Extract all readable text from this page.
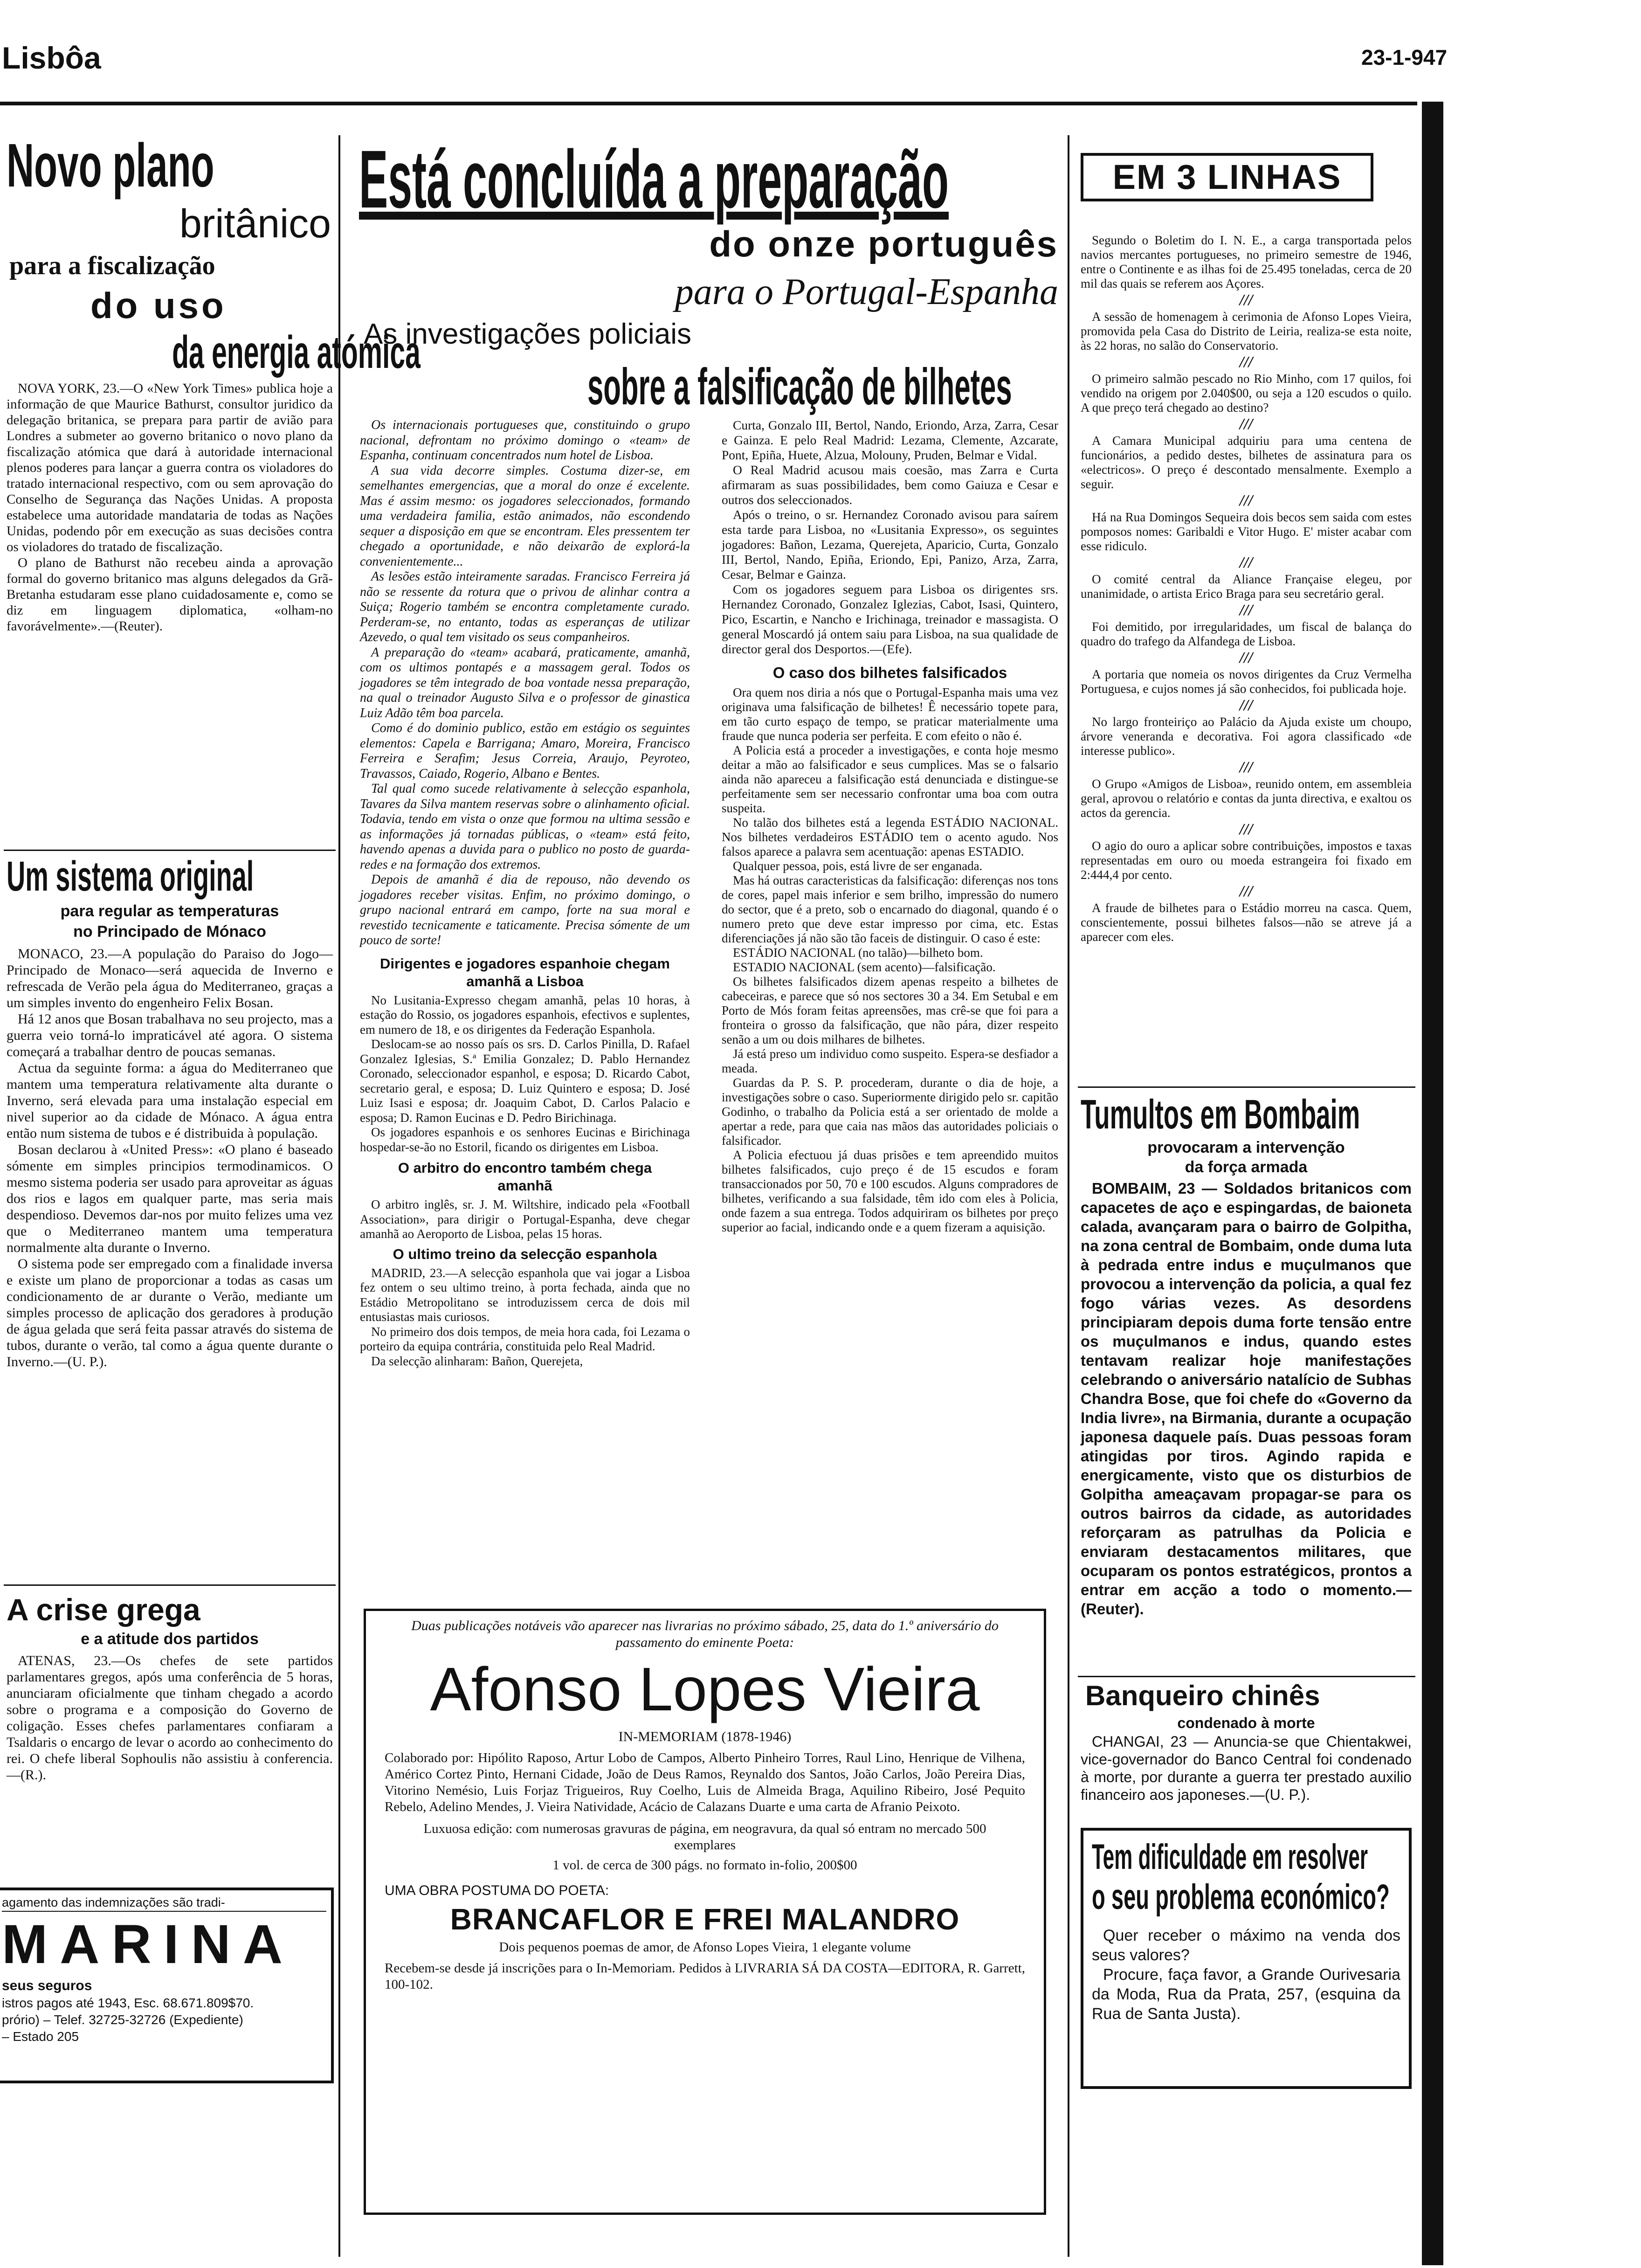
Lisbôa	23-1-947
Novo plano
britânico
para a fiscalização
do uso
da energia atómica

NOVA YORK, 23.—O «New York Times» publica hoje a informação de que Maurice Bathurst, consultor juridico da delegação britanica, se prepara para partir de avião para Londres a submeter ao governo britanico o novo plano da fiscalização atómica que dará à autoridade internacional plenos poderes para lançar a guerra contra os violadores do tratado internacional respectivo, com ou sem aprovação do Conselho de Segurança das Nações Unidas. A proposta estabelece uma autoridade mandataria de todas as Nações Unidas, podendo pôr em execução as suas decisões contra os violadores do tratado de fiscalização.

O plano de Bathurst não recebeu ainda a aprovação formal do governo britanico mas alguns delegados da Grã-Bretanha estudaram esse plano cuidadosamente e, como se diz em linguagem diplomatica, «olham-no favorávelmente».—(Reuter).

Um sistema original
para regular as temperaturas
no Principado de Mónaco

MONACO, 23.—A população do Paraiso do Jogo—Principado de Monaco—será aquecida de Inverno e refrescada de Verão pela água do Mediterraneo, graças a um simples invento do engenheiro Felix Bosan.

Há 12 anos que Bosan trabalhava no seu projecto, mas a guerra veio torná-lo impraticável até agora. O sistema começará a trabalhar dentro de poucas semanas.

Actua da seguinte forma: a água do Mediterraneo que mantem uma temperatura relativamente alta durante o Inverno, será elevada para uma instalação especial em nivel superior ao da cidade de Mónaco. A água entra então num sistema de tubos e é distribuida à população.

Bosan declarou à «United Press»: «O plano é baseado sómente em simples principios termodinamicos. O mesmo sistema poderia ser usado para aproveitar as águas dos rios e lagos em qualquer parte, mas seria mais despendioso. Devemos dar-nos por muito felizes uma vez que o Mediterraneo mantem uma temperatura normalmente alta durante o Inverno.

O sistema pode ser empregado com a finalidade inversa e existe um plano de proporcionar a todas as casas um condicionamento de ar durante o Verão, mediante um simples processo de aplicação dos geradores à produção de água gelada que será feita passar através do sistema de tubos, durante o verão, tal como a água quente durante o Inverno.—(U. P.).

A crise grega
e a atitude dos partidos

ATENAS, 23.—Os chefes de sete partidos parlamentares gregos, após uma conferência de 5 horas, anunciaram oficialmente que tinham chegado a acordo sobre o programa e a composição do Governo de coligação. Esses chefes parlamentares confiaram a Tsaldaris o encargo de levar o acordo ao conhecimento do rei. O chefe liberal Sophoulis não assistiu à conferencia.—(R.).

agamento das indemnizações são tradi-
MARINA
seus seguros
istros pagos até 1943, Esc. 68.671.809$70.
prório) – Telef. 32725-32726 (Expediente)
– Estado 205
Está concluída a preparação
do onze português
para o Portugal-Espanha
As investigações policiais
sobre a falsificação de bilhetes

Os internacionais portugueses que, constituindo o grupo nacional, defrontam no próximo domingo o «team» de Espanha, continuam concentrados num hotel de Lisboa.

A sua vida decorre simples. Costuma dizer-se, em semelhantes emergencias, que a moral do onze é excelente. Mas é assim mesmo: os jogadores seleccionados, formando uma verdadeira familia, estão animados, não escondendo sequer a disposição em que se encontram. Eles pressentem ter chegado a oportunidade, e não deixarão de explorá-la convenientemente...

As lesões estão inteiramente saradas. Francisco Ferreira já não se ressente da rotura que o privou de alinhar contra a Suiça; Rogerio também se encontra completamente curado. Perderam-se, no entanto, todas as esperanças de utilizar Azevedo, o qual tem visitado os seus companheiros.

A preparação do «team» acabará, praticamente, amanhã, com os ultimos pontapés e a massagem geral. Todos os jogadores se têm integrado de boa vontade nessa preparação, na qual o treinador Augusto Silva e o professor de ginastica Luiz Adão têm boa parcela.

Como é do dominio publico, estão em estágio os seguintes elementos: Capela e Barrigana; Amaro, Moreira, Francisco Ferreira e Serafim; Jesus Correia, Araujo, Peyroteo, Travassos, Caiado, Rogerio, Albano e Bentes.

Tal qual como sucede relativamente à selecção espanhola, Tavares da Silva mantem reservas sobre o alinhamento oficial. Todavia, tendo em vista o onze que formou na ultima sessão e as informações já tornadas públicas, o «team» está feito, havendo apenas a duvida para o publico no posto de guarda-redes e na formação dos extremos.

Depois de amanhã é dia de repouso, não devendo os jogadores receber visitas. Enfim, no próximo domingo, o grupo nacional entrará em campo, forte na sua moral e revestido tecnicamente e taticamente. Precisa sómente de um pouco de sorte!

Dirigentes e jogadores espanhoie chegam amanhã a Lisboa

No Lusitania-Expresso chegam amanhã, pelas 10 horas, à estação do Rossio, os jogadores espanhois, efectivos e suplentes, em numero de 18, e os dirigentes da Federação Espanhola.

Deslocam-se ao nosso país os srs. D. Carlos Pinilla, D. Rafael Gonzalez Iglesias, S.ª Emilia Gonzalez; D. Pablo Hernandez Coronado, seleccionador espanhol, e esposa; D. Ricardo Cabot, secretario geral, e esposa; D. Luiz Quintero e esposa; D. José Luiz Isasi e esposa; dr. Joaquim Cabot, D. Carlos Palacio e esposa; D. Ramon Eucinas e D. Pedro Birichinaga.

Os jogadores espanhois e os senhores Eucinas e Birichinaga hospedar-se-ão no Estoril, ficando os dirigentes em Lisboa.

O arbitro do encontro também chega amanhã

O arbitro inglês, sr. J. M. Wiltshire, indicado pela «Football Association», para dirigir o Portugal-Espanha, deve chegar amanhã ao Aeroporto de Lisboa, pelas 15 horas.

O ultimo treino da selecção espanhola

MADRID, 23.—A selecção espanhola que vai jogar a Lisboa fez ontem o seu ultimo treino, à porta fechada, ainda que no Estádio Metropolitano se introduzissem cerca de dois mil entusiastas mais curiosos.

No primeiro dos dois tempos, de meia hora cada, foi Lezama o porteiro da equipa contrária, constituida pelo Real Madrid.

Da selecção alinharam: Bañon, Querejeta,

Curta, Gonzalo III, Bertol, Nando, Eriondo, Arza, Zarra, Cesar e Gainza. E pelo Real Madrid: Lezama, Clemente, Azcarate, Pont, Epiña, Huete, Alzua, Molouny, Pruden, Belmar e Vidal.

O Real Madrid acusou mais coesão, mas Zarra e Curta afirmaram as suas possibilidades, bem como Gaiuza e Cesar e outros dos seleccionados.

Após o treino, o sr. Hernandez Coronado avisou para saírem esta tarde para Lisboa, no «Lusitania Expresso», os seguintes jogadores: Bañon, Lezama, Querejeta, Aparicio, Curta, Gonzalo III, Bertol, Nando, Epiña, Eriondo, Epi, Panizo, Arza, Zarra, Cesar, Belmar e Gainza.

Com os jogadores seguem para Lisboa os dirigentes srs. Hernandez Coronado, Gonzalez Iglezias, Cabot, Isasi, Quintero, Pico, Escartin, e Nancho e Irichinaga, treinador e massagista. O general Moscardó já ontem saiu para Lisboa, na sua qualidade de director geral dos Desportos.—(Efe).

O caso dos bilhetes falsificados

Ora quem nos diria a nós que o Portugal-Espanha mais uma vez originava uma falsificação de bilhetes! Ê necessário topete para, em tão curto espaço de tempo, se praticar materialmente uma fraude que nunca poderia ser perfeita. E com efeito o não é.

A Policia está a proceder a investigações, e conta hoje mesmo deitar a mão ao falsificador e seus cumplices. Mas se o falsario ainda não apareceu a falsificação está denunciada e distingue-se perfeitamente sem ser necessario confrontar uma boa com outra suspeita.

No talão dos bilhetes está a legenda ESTÁDIO NACIONAL. Nos bilhetes verdadeiros ESTÁDIO tem o acento agudo. Nos falsos aparece a palavra sem acentuação: apenas ESTADIO.

Qualquer pessoa, pois, está livre de ser enganada.

Mas há outras caracteristicas da falsificação: diferenças nos tons de cores, papel mais inferior e sem brilho, impressão do numero do sector, que é a preto, sob o encarnado do diagonal, quando é o numero preto que deve estar impresso por cima, etc. Estas diferenciações já não são tão faceis de distinguir. O caso é este:

ESTÁDIO NACIONAL (no talão)—bilheto bom.

ESTADIO NACIONAL (sem acento)—falsificação.

Os bilhetes falsificados dizem apenas respeito a bilhetes de cabeceiras, e parece que só nos sectores 30 a 34. Em Setubal e em Porto de Mós foram feitas apreensões, mas crê-se que foi para a fronteira o grosso da falsificação, que não pára, dizer respeito senão a um ou dois milhares de bilhetes.

Já está preso um individuo como suspeito. Espera-se desfiador a meada.

Guardas da P. S. P. procederam, durante o dia de hoje, a investigações sobre o caso. Superiormente dirigido pelo sr. capitão Godinho, o trabalho da Policia está a ser orientado de molde a apertar a rede, para que caia nas mãos das autoridades policiais o falsificador.

A Policia efectuou já duas prisões e tem apreendido muitos bilhetes falsificados, cujo preço é de 15 escudos e foram transaccionados por 50, 70 e 100 escudos. Alguns compradores de bilhetes, verificando a sua falsidade, têm ido com eles à Policia, onde fazem a sua entrega. Todos adquiriram os bilhetes por preço superior ao facial, indicando onde e a quem fizeram a aquisição.

Duas publicações notáveis vão aparecer nas livrarias no próximo sábado, 25, data do 1.º aniversário do passamento do eminente Poeta:
Afonso Lopes Vieira
IN-MEMORIAM (1878-1946)
Colaborado por: Hipólito Raposo, Artur Lobo de Campos, Alberto Pinheiro Torres, Raul Lino, Henrique de Vilhena, Américo Cortez Pinto, Hernani Cidade, João de Deus Ramos, Reynaldo dos Santos, João Carlos, João Pereira Dias, Vitorino Nemésio, Luis Forjaz Trigueiros, Ruy Coelho, Luis de Almeida Braga, Aquilino Ribeiro, José Pequito Rebelo, Adelino Mendes, J. Vieira Natividade, Acácio de Calazans Duarte e uma carta de Afranio Peixoto.
Luxuosa edição: com numerosas gravuras de página, em neogravura, da qual só entram no mercado 500 exemplares
1 vol. de cerca de 300 págs. no formato in-folio, 200$00
UMA OBRA POSTUMA DO POETA:
BRANCAFLOR E FREI MALANDRO
Dois pequenos poemas de amor, de Afonso Lopes Vieira, 1 elegante volume
Recebem-se desde já inscrições para o In-Memoriam. Pedidos à LIVRARIA SÁ DA COSTA—EDITORA, R. Garrett, 100-102.
EM 3 LINHAS

Segundo o Boletim do I. N. E., a carga transportada pelos navios mercantes portugueses, no primeiro semestre de 1946, entre o Continente e as ilhas foi de 25.495 toneladas, cerca de 20 mil das quais se referem aos Açores.

///

A sessão de homenagem à cerimonia de Afonso Lopes Vieira, promovida pela Casa do Distrito de Leiria, realiza-se esta noite, às 22 horas, no salão do Conservatorio.

///

O primeiro salmão pescado no Rio Minho, com 17 quilos, foi vendido na origem por 2.040$00, ou seja a 120 escudos o quilo. A que preço terá chegado ao destino?

///

A Camara Municipal adquiriu para uma centena de funcionários, a pedido destes, bilhetes de assinatura para os «electricos». O preço é descontado mensalmente. Exemplo a seguir.

///

Há na Rua Domingos Sequeira dois becos sem saida com estes pomposos nomes: Garibaldi e Vitor Hugo. E' mister acabar com esse ridiculo.

///

O comité central da Aliance Française elegeu, por unanimidade, o artista Erico Braga para seu secretário geral.

///

Foi demitido, por irregularidades, um fiscal de balança do quadro do trafego da Alfandega de Lisboa.

///

A portaria que nomeia os novos dirigentes da Cruz Vermelha Portuguesa, e cujos nomes já são conhecidos, foi publicada hoje.

///

No largo fronteiriço ao Palácio da Ajuda existe um choupo, árvore veneranda e decorativa. Foi agora classificado «de interesse publico».

///

O Grupo «Amigos de Lisboa», reunido ontem, em assembleia geral, aprovou o relatório e contas da junta directiva, e exaltou os actos da gerencia.

///

O agio do ouro a aplicar sobre contribuições, impostos e taxas representadas em ouro ou moeda estrangeira foi fixado em 2:444,4 por cento.

///

A fraude de bilhetes para o Estádio morreu na casca. Quem, conscientemente, possui bilhetes falsos—não se atreve já a aparecer com eles.

Tumultos em Bombaim
provocaram a intervenção
da força armada

BOMBAIM, 23 — Soldados britanicos com capacetes de aço e espingardas, de baioneta calada, avançaram para o bairro de Golpitha, na zona central de Bombaim, onde duma luta à pedrada entre indus e muçulmanos que provocou a intervenção da policia, a qual fez fogo várias vezes. As desordens principiaram depois duma forte tensão entre os muçulmanos e indus, quando estes tentavam realizar hoje manifestações celebrando o aniversário natalício de Subhas Chandra Bose, que foi chefe do «Governo da India livre», na Birmania, durante a ocupação japonesa daquele país. Duas pessoas foram atingidas por tiros. Agindo rapida e energicamente, visto que os disturbios de Golpitha ameaçavam propagar-se para os outros bairros da cidade, as autoridades reforçaram as patrulhas da Policia e enviaram destacamentos militares, que ocuparam os pontos estratégicos, prontos a entrar em acção a todo o momento.—(Reuter).

Banqueiro chinês
condenado à morte

CHANGAI, 23 — Anuncia-se que Chientakwei, vice-governador do Banco Central foi condenado à morte, por durante a guerra ter prestado auxilio financeiro aos japoneses.—(U. P.).

Tem dificuldade em resolver
o seu problema económico?

Quer receber o máximo na venda dos seus valores?

Procure, faça favor, a Grande Ourivesaria da Moda, Rua da Prata, 257, (esquina da Rua de Santa Justa).
